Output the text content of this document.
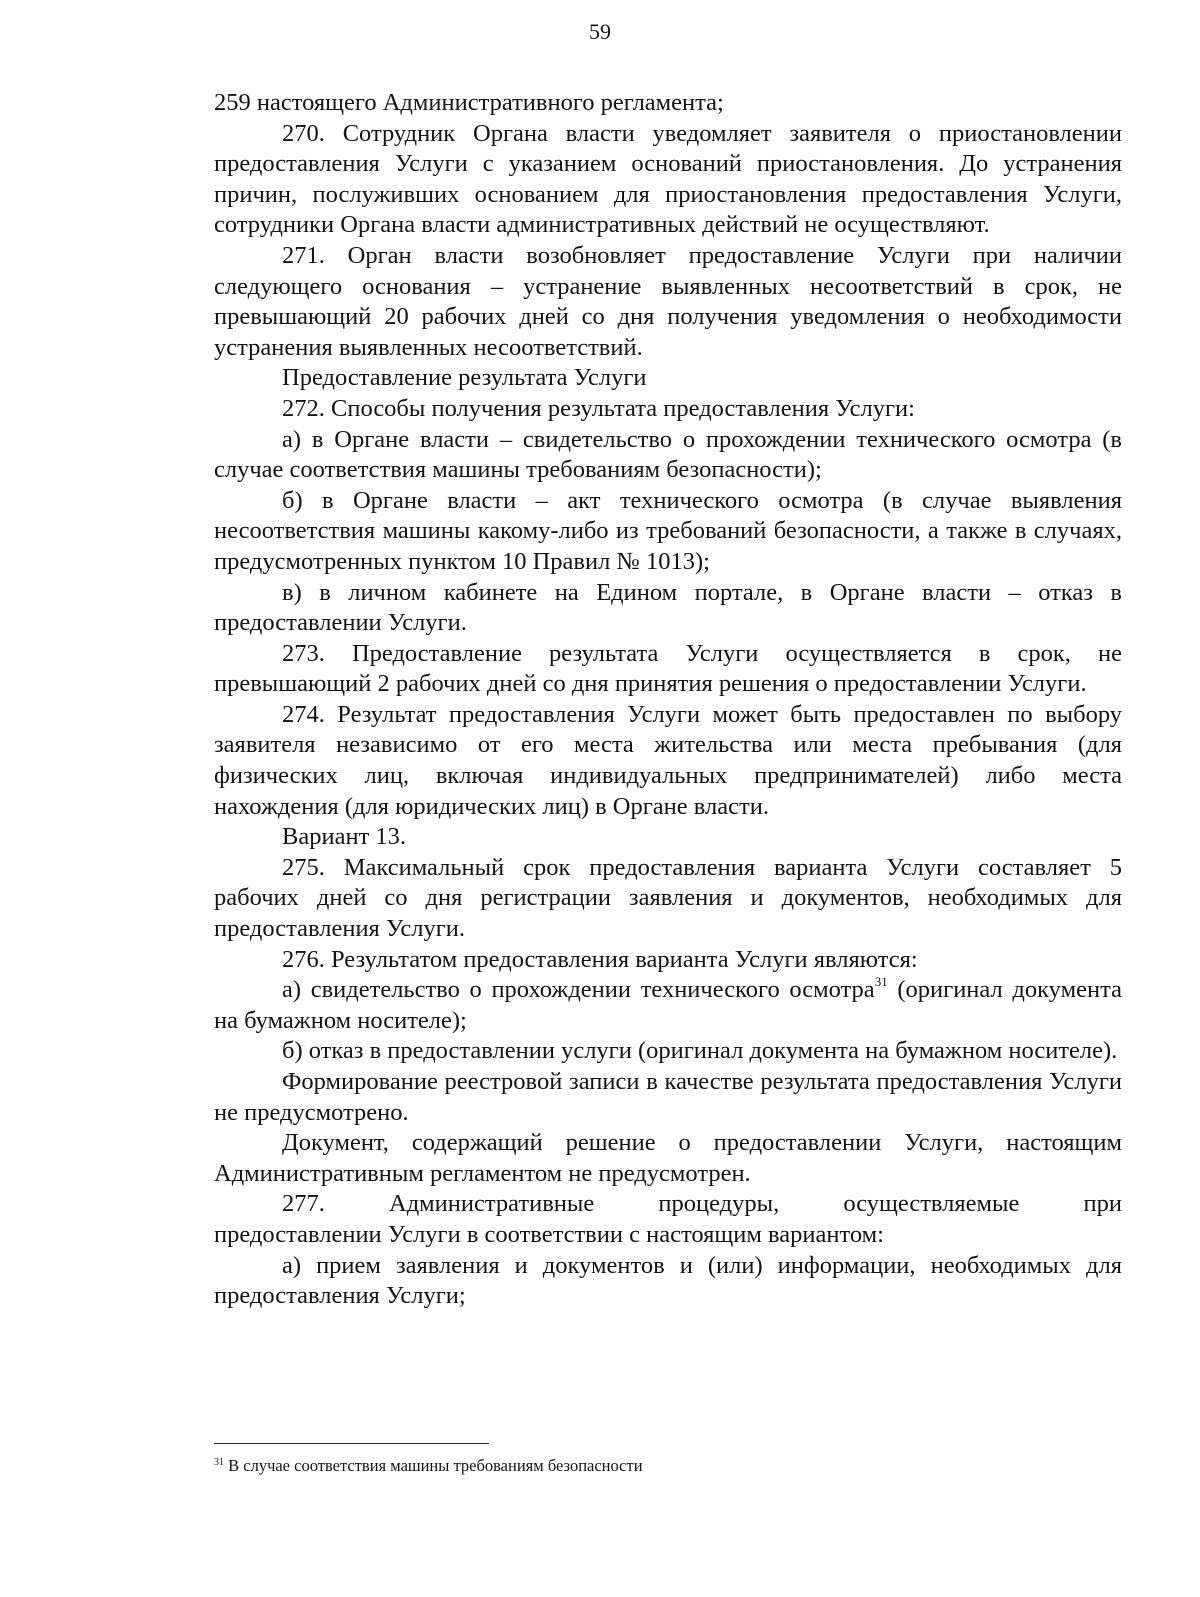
59

259 настоящего Административного регламента;

270. Сотрудник Органа власти уведомляет заявителя о приостановлении предоставления Услуги с указанием оснований приостановления. До устранения причин, послуживших основанием для приостановления предоставления Услуги, сотрудники Органа власти административных действий не осуществляют.

271. Орган власти возобновляет предоставление Услуги при наличии следующего основания – устранение выявленных несоответствий в срок, не превышающий 20 рабочих дней со дня получения уведомления о необходимости устранения выявленных несоответствий.

Предоставление результата Услуги

272. Способы получения результата предоставления Услуги:

а) в Органе власти – свидетельство о прохождении технического осмотра (в случае соответствия машины требованиям безопасности);

б) в Органе власти – акт технического осмотра (в случае выявления несоответствия машины какому-либо из требований безопасности, а также в случаях, предусмотренных пунктом 10 Правил № 1013);

в) в личном кабинете на Едином портале, в Органе власти – отказ в предоставлении Услуги.

273. Предоставление результата Услуги осуществляется в срок, не превышающий 2 рабочих дней со дня принятия решения о предоставлении Услуги.

274. Результат предоставления Услуги может быть предоставлен по выбору заявителя независимо от его места жительства или места пребывания (для физических лиц, включая индивидуальных предпринимателей) либо места нахождения (для юридических лиц) в Органе власти.

Вариант 13.

275. Максимальный срок предоставления варианта Услуги составляет 5 рабочих дней со дня регистрации заявления и документов, необходимых для предоставления Услуги.

276. Результатом предоставления варианта Услуги являются:

а) свидетельство о прохождении технического осмотра$^{31}$ (оригинал документа на бумажном носителе);

б) отказ в предоставлении услуги (оригинал документа на бумажном носителе).

Формирование реестровой записи в качестве результата предоставления Услуги не предусмотрено.

Документ, содержащий решение о предоставлении Услуги, настоящим Административным регламентом не предусмотрен.

277. Административные процедуры, осуществляемые при

предоставлении Услуги в соответствии с настоящим вариантом:

а) прием заявления и документов и (или) информации, необходимых для предоставления Услуги;

$^{31}$ В случае соответствия машины требованиям безопасности
